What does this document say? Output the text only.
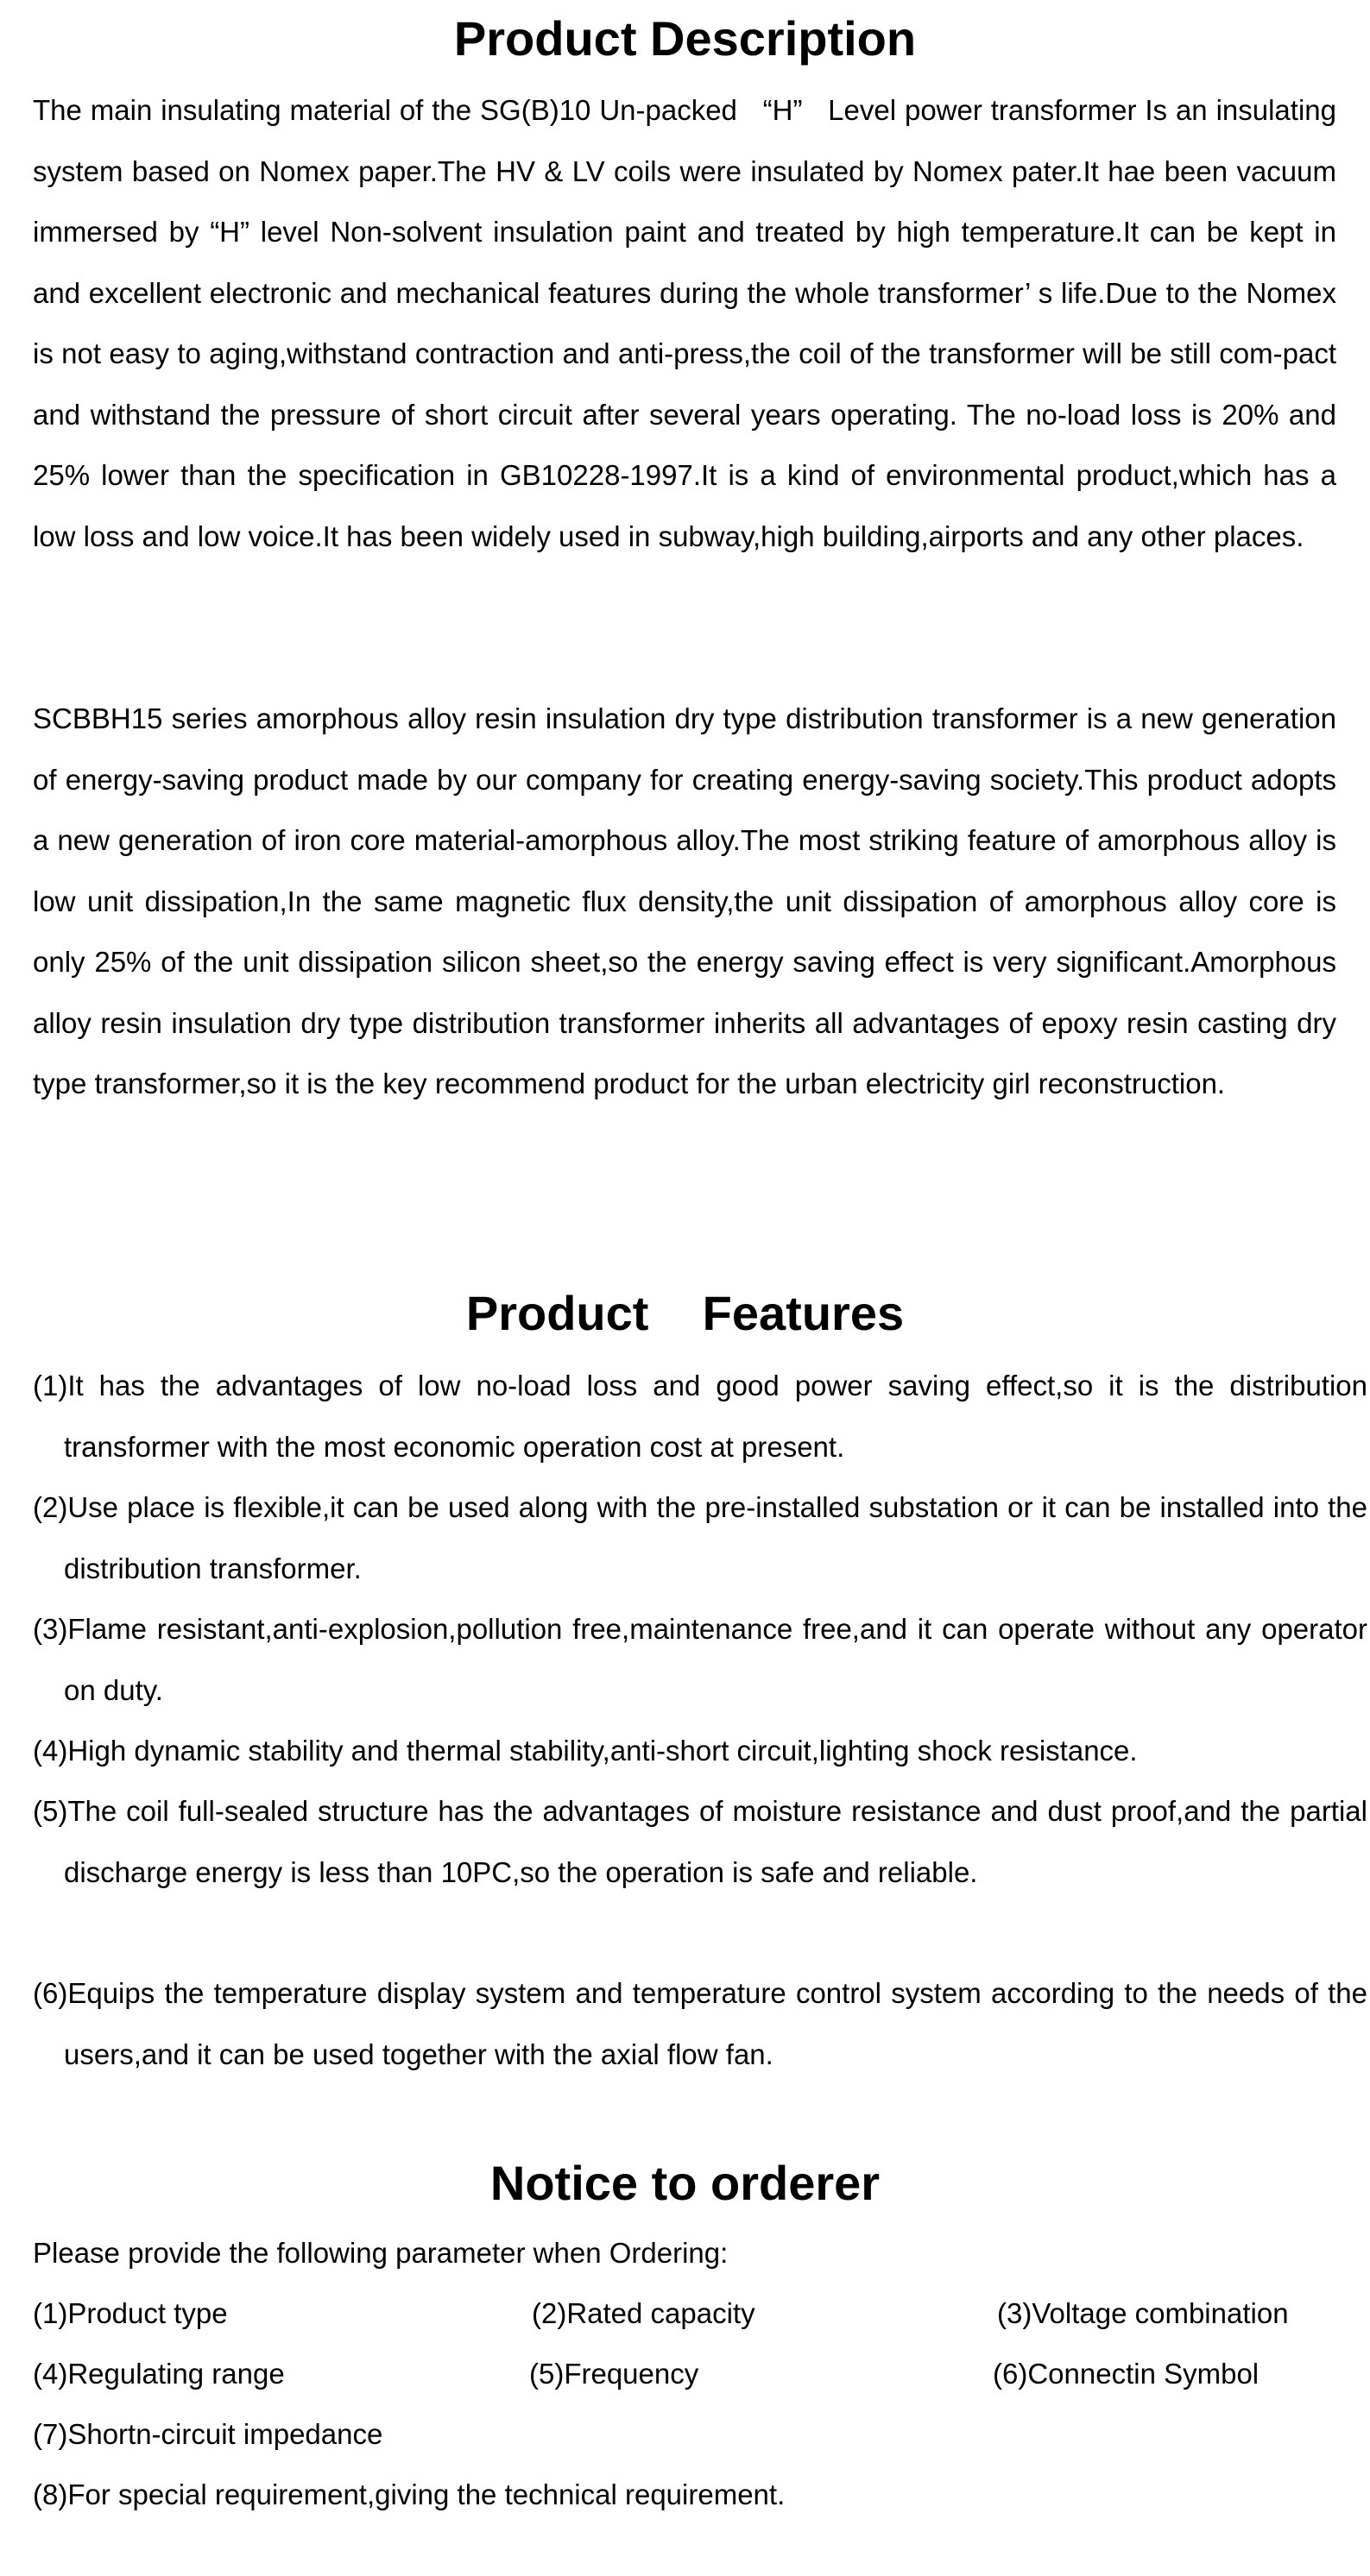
Product Description

The main insulating material of the SG(B)10 Un-packed   “H”   Level power transformer Is an insulating system based on Nomex paper.The HV & LV coils were insulated by Nomex pater.It hae been vacuum immersed by “H” level Non-solvent insulation paint and treated by high temperature.It can be kept in and excellent electronic and mechanical features during the whole transformer’ s life.Due to the Nomex is not easy to aging,withstand contraction and anti-press,the coil of the transformer will be still com-pact and withstand the pressure of short circuit after several years operating. The no-load loss is 20% and 25% lower than the specification in GB10228-1997.It is a kind of environmental product,which has a low loss and low voice.It has been widely used in subway,high building,airports and any other places.

SCBBH15 series amorphous alloy resin insulation dry type distribution transformer is a new generation of energy-saving product made by our company for creating energy-saving society.This product adopts a new generation of iron core material-amorphous alloy.The most striking feature of amorphous alloy is low unit dissipation,In the same magnetic flux density,the unit dissipation of amorphous alloy core is only 25% of the unit dissipation silicon sheet,so the energy saving effect is very significant.Amorphous alloy resin insulation dry type distribution transformer inherits all advantages of epoxy resin casting dry type transformer,so it is the key recommend product for the urban electricity girl reconstruction.

Product    Features

(1)It has the advantages of low no-load loss and good power saving effect,so it is the distribution transformer with the most economic operation cost at present.

(2)Use place is flexible,it can be used along with the pre-installed substation or it can be installed into the distribution transformer.

(3)Flame resistant,anti-explosion,pollution free,maintenance free,and it can operate without any operator on duty.

(4)High dynamic stability and thermal stability,anti-short circuit,lighting shock resistance.

(5)The coil full-sealed structure has the advantages of moisture resistance and dust proof,and the partial discharge energy is less than 10PC,so the operation is safe and reliable.

(6)Equips the temperature display system and temperature control system according to the needs of the users,and it can be used together with the axial flow fan.

Notice to orderer

Please provide the following parameter when Ordering:

(1)Product type	(2)Rated capacity	(3)Voltage combination

(4)Regulating range	(5)Frequency	(6)Connectin Symbol

(7)Shortn-circuit impedance

(8)For special requirement,giving the technical requirement.
